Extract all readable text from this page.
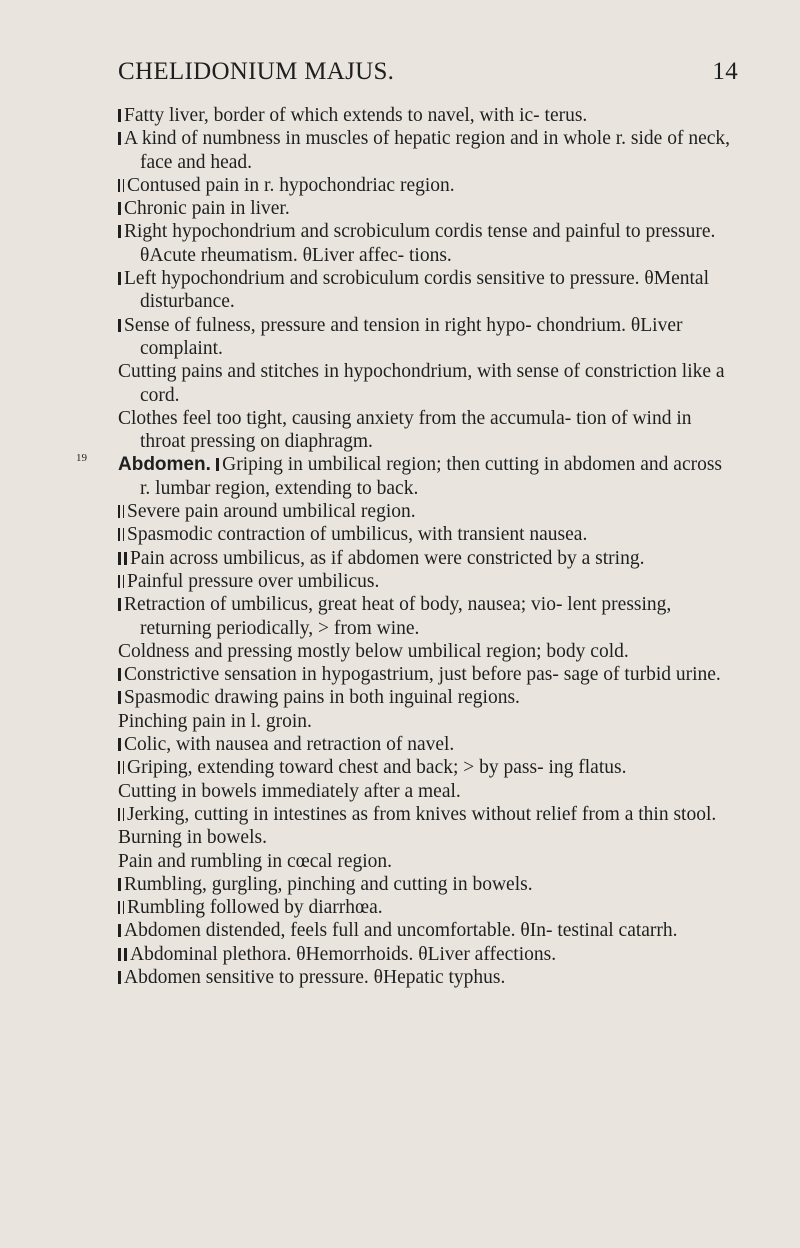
CHELIDONIUM MAJUS.	14

Fatty liver, border of which extends to navel, with ic- terus.

A kind of numbness in muscles of hepatic region and in whole r. side of neck, face and head.

Contused pain in r. hypochondriac region.

Chronic pain in liver.

Right hypochondrium and scrobiculum cordis tense and painful to pressure. θAcute rheumatism. θLiver affec- tions.

Left hypochondrium and scrobiculum cordis sensitive to pressure. θMental disturbance.

Sense of fulness, pressure and tension in right hypo- chondrium. θLiver complaint.

Cutting pains and stitches in hypochondrium, with sense of constriction like a cord.

Clothes feel too tight, causing anxiety from the accumula- tion of wind in throat pressing on diaphragm.

19	Abdomen. Griping in umbilical region; then cutting in abdomen and across r. lumbar region, extending to back.

Severe pain around umbilical region.

Spasmodic contraction of umbilicus, with transient nausea.

Pain across umbilicus, as if abdomen were constricted by a string.

Painful pressure over umbilicus.

Retraction of umbilicus, great heat of body, nausea; vio- lent pressing, returning periodically, > from wine.

Coldness and pressing mostly below umbilical region; body cold.

Constrictive sensation in hypogastrium, just before pas- sage of turbid urine.

Spasmodic drawing pains in both inguinal regions.

Pinching pain in l. groin.

Colic, with nausea and retraction of navel.

Griping, extending toward chest and back; > by pass- ing flatus.

Cutting in bowels immediately after a meal.

Jerking, cutting in intestines as from knives without relief from a thin stool.

Burning in bowels.

Pain and rumbling in cœcal region.

Rumbling, gurgling, pinching and cutting in bowels.

Rumbling followed by diarrhœa.

Abdomen distended, feels full and uncomfortable. θIn- testinal catarrh.

Abdominal plethora. θHemorrhoids. θLiver affections.

Abdomen sensitive to pressure. θHepatic typhus.
